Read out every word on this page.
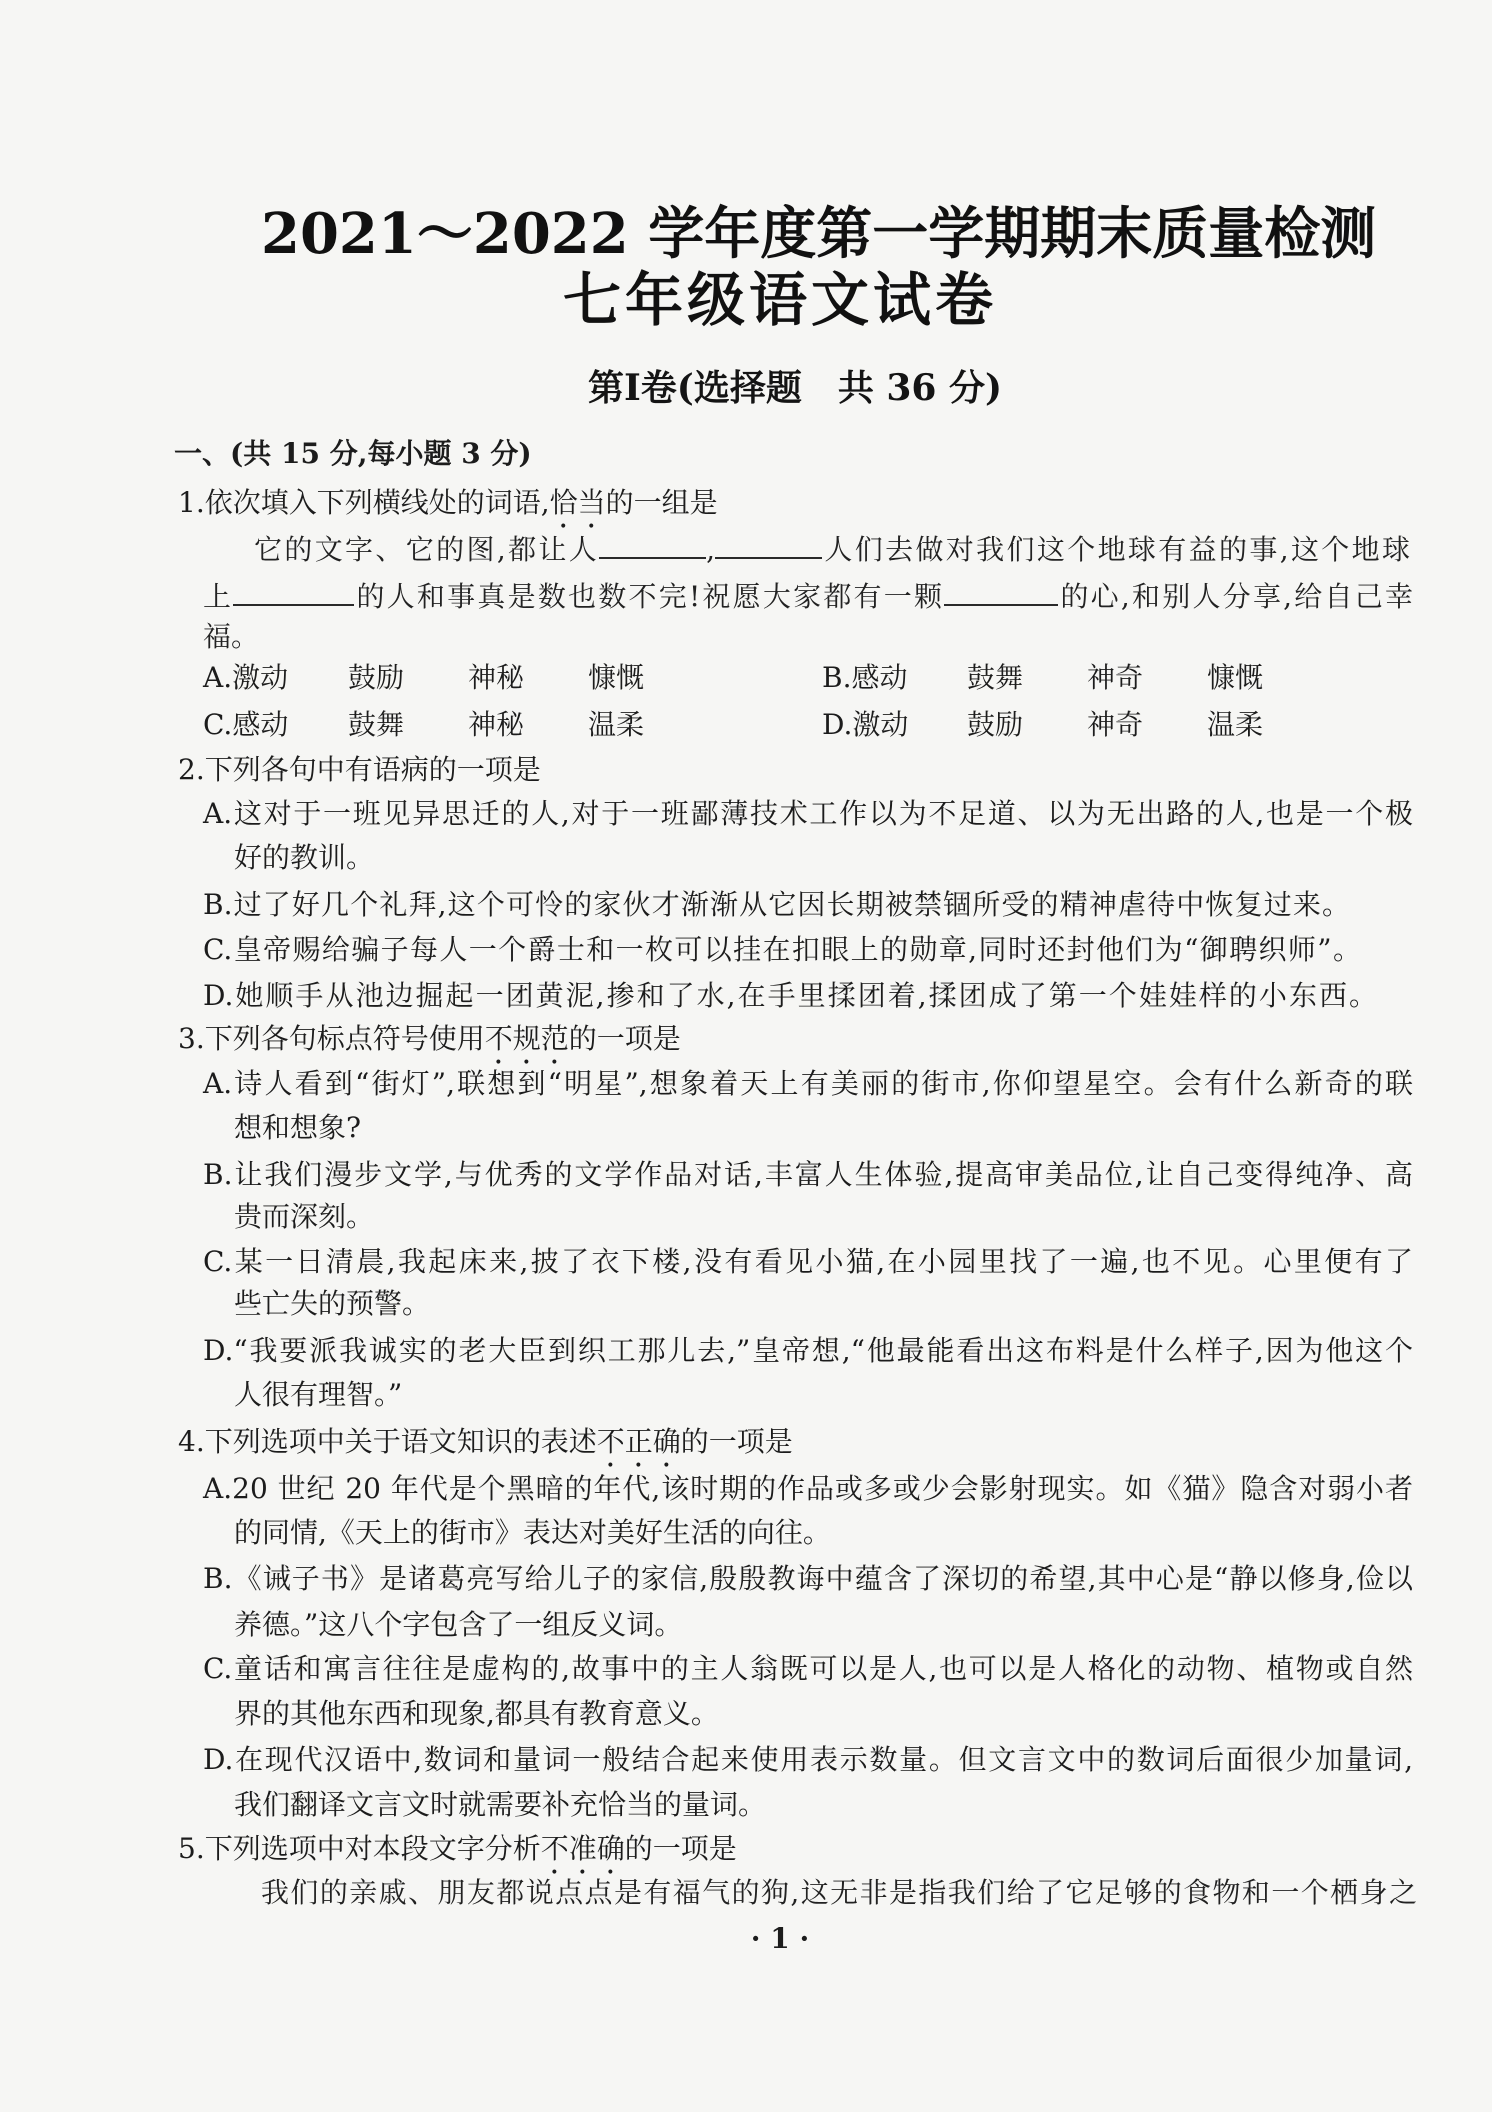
2021～2022 学年度第一学期期末质量检测
七年级语文试卷
第Ⅰ卷(选择题　共 36 分)
一、(共 15 分,每小题 3 分)
1.依次填入下列横线处的词语,恰当的一组是
它的文字、它的图,都让人	,	人们去做对我们这个地球有益的事,这个地球
上	的人和事真是数也数不完!祝愿大家都有一颗	的心,和别人分享,给自己幸
福。
A.激动 鼓励 神秘 慷慨	B.感动 鼓舞 神奇 慷慨
C.感动 鼓舞 神秘 温柔	D.激动 鼓励 神奇 温柔
2.下列各句中有语病的一项是
A.这对于一班见异思迁的人,对于一班鄙薄技术工作以为不足道、以为无出路的人,也是一个极
好的教训。
B.过了好几个礼拜,这个可怜的家伙才渐渐从它因长期被禁锢所受的精神虐待中恢复过来。
C.皇帝赐给骗子每人一个爵士和一枚可以挂在扣眼上的勋章,同时还封他们为“御聘织师”。
D.她顺手从池边掘起一团黄泥,掺和了水,在手里揉团着,揉团成了第一个娃娃样的小东西。
3.下列各句标点符号使用不规范的一项是
A.诗人看到“街灯”,联想到“明星”,想象着天上有美丽的街市,你仰望星空。会有什么新奇的联
想和想象?
B.让我们漫步文学,与优秀的文学作品对话,丰富人生体验,提高审美品位,让自己变得纯净、高
贵而深刻。
C.某一日清晨,我起床来,披了衣下楼,没有看见小猫,在小园里找了一遍,也不见。心里便有了
些亡失的预警。
D.“我要派我诚实的老大臣到织工那儿去,”皇帝想,“他最能看出这布料是什么样子,因为他这个
人很有理智。”
4.下列选项中关于语文知识的表述不正确的一项是
A.20 世纪 20 年代是个黑暗的年代,该时期的作品或多或少会影射现实。如《猫》隐含对弱小者
的同情,《天上的街市》表达对美好生活的向往。
B.《诫子书》是诸葛亮写给儿子的家信,殷殷教诲中蕴含了深切的希望,其中心是“静以修身,俭以
养德。”这八个字包含了一组反义词。
C.童话和寓言往往是虚构的,故事中的主人翁既可以是人,也可以是人格化的动物、植物或自然
界的其他东西和现象,都具有教育意义。
D.在现代汉语中,数词和量词一般结合起来使用表示数量。但文言文中的数词后面很少加量词,
我们翻译文言文时就需要补充恰当的量词。
5.下列选项中对本段文字分析不准确的一项是
我们的亲戚、朋友都说点点是有福气的狗,这无非是指我们给了它足够的食物和一个栖身之
· 1 ·
